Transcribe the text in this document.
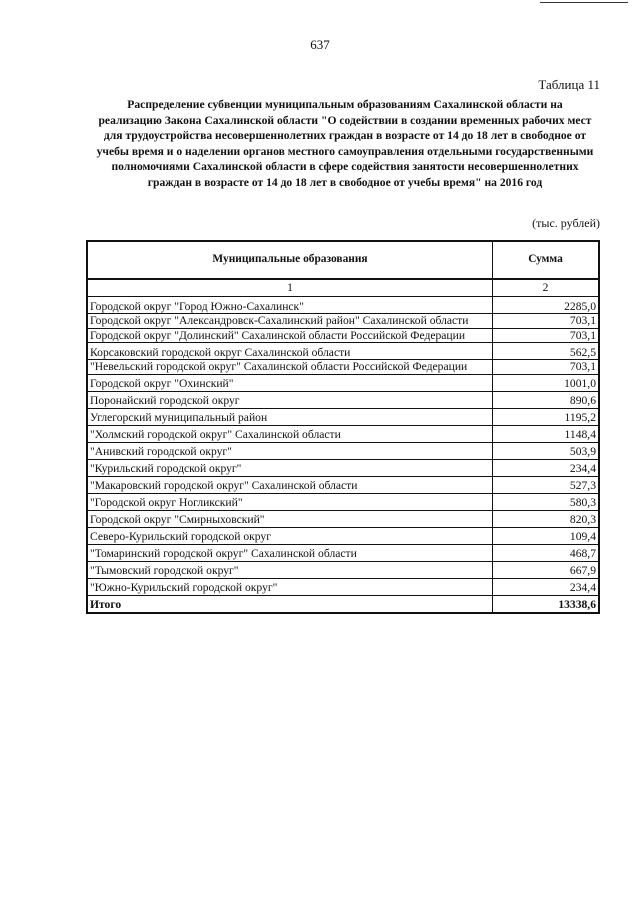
637
Таблица 11
Распределение субвенции муниципальным образованиям Сахалинской области на реализацию Закона Сахалинской области "О содействии в создании временных рабочих мест для трудоустройства несовершеннолетних граждан в возрасте от 14 до 18 лет в свободное от учебы время и о наделении органов местного самоуправления отдельными государственными полномочиями Сахалинской области в сфере содействия занятости несовершеннолетних граждан в возрасте от 14 до 18 лет в свободное от учебы время" на 2016 год
(тыс. рублей)
Муниципальные образования	Сумма
1	2
Городской округ "Город Южно-Сахалинск"	2285,0
Городской округ "Александровск-Сахалинский район" Сахалинской области	703,1
Городской округ "Долинский" Сахалинской области Российской Федерации	703,1
Корсаковский городской округ Сахалинской области	562,5
"Невельский городской округ" Сахалинской области Российской Федерации	703,1
Городской округ "Охинский"	1001,0
Поронайский городской округ	890,6
Углегорский муниципальный район	1195,2
"Холмский городской округ" Сахалинской области	1148,4
"Анивский городской округ"	503,9
"Курильский городской округ"	234,4
"Макаровский городской округ" Сахалинской области	527,3
"Городской округ Ногликский"	580,3
Городской округ "Смирныховский"	820,3
Северо-Курильский городской округ	109,4
"Томаринский городской округ" Сахалинской области	468,7
"Тымовский городской округ"	667,9
"Южно-Курильский городской округ"	234,4
Итого	13338,6
